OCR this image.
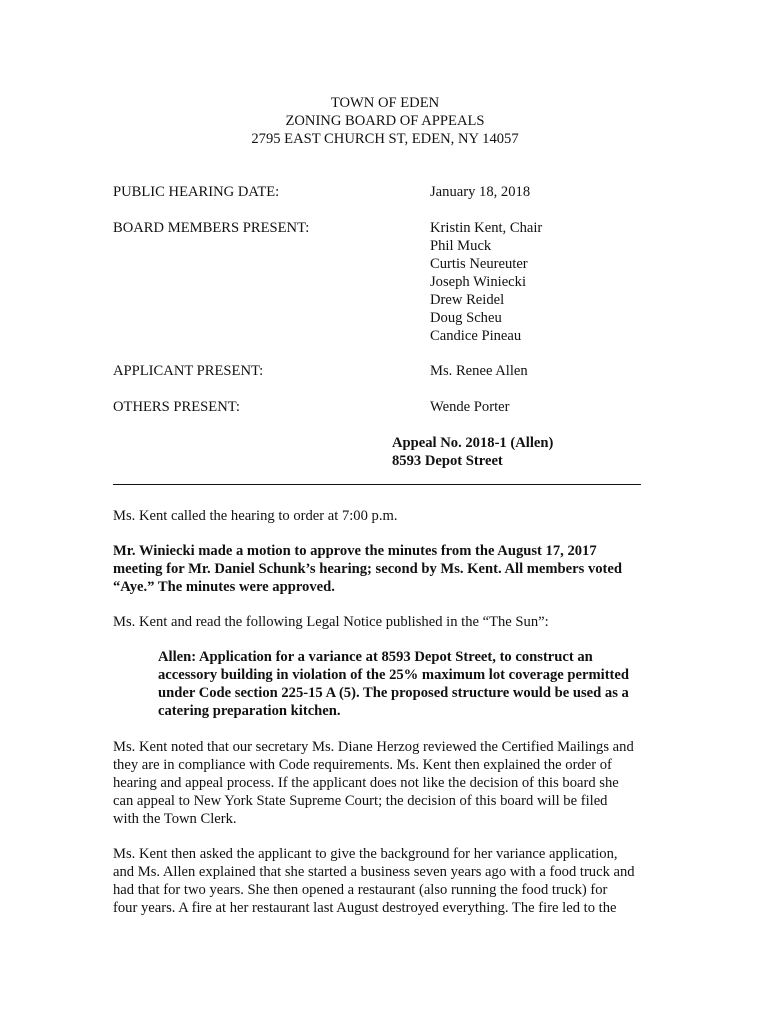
TOWN OF EDEN
ZONING BOARD OF APPEALS
2795 EAST CHURCH ST, EDEN, NY 14057
PUBLIC HEARING DATE:	January 18, 2018
BOARD MEMBERS PRESENT:	Kristin Kent, Chair
Phil Muck
Curtis Neureuter
Joseph Winiecki
Drew Reidel
Doug Scheu
Candice Pineau
APPLICANT PRESENT:	Ms. Renee Allen
OTHERS PRESENT:	Wende Porter
Appeal No. 2018-1 (Allen)
8593 Depot Street
Ms. Kent called the hearing to order at 7:00 p.m.
Mr. Winiecki made a motion to approve the minutes from the August 17, 2017
meeting for Mr. Daniel Schunk’s hearing; second by Ms. Kent. All members voted
“Aye.” The minutes were approved.
Ms. Kent and read the following Legal Notice published in the “The Sun”:
Allen: Application for a variance at 8593 Depot Street, to construct an
accessory building in violation of the 25% maximum lot coverage permitted
under Code section 225-15 A (5). The proposed structure would be used as a
catering preparation kitchen.
Ms. Kent noted that our secretary Ms. Diane Herzog reviewed the Certified Mailings and
they are in compliance with Code requirements. Ms. Kent then explained the order of
hearing and appeal process. If the applicant does not like the decision of this board she
can appeal to New York State Supreme Court; the decision of this board will be filed
with the Town Clerk.
Ms. Kent then asked the applicant to give the background for her variance application,
and Ms. Allen explained that she started a business seven years ago with a food truck and
had that for two years. She then opened a restaurant (also running the food truck) for
four years. A fire at her restaurant last August destroyed everything. The fire led to the
